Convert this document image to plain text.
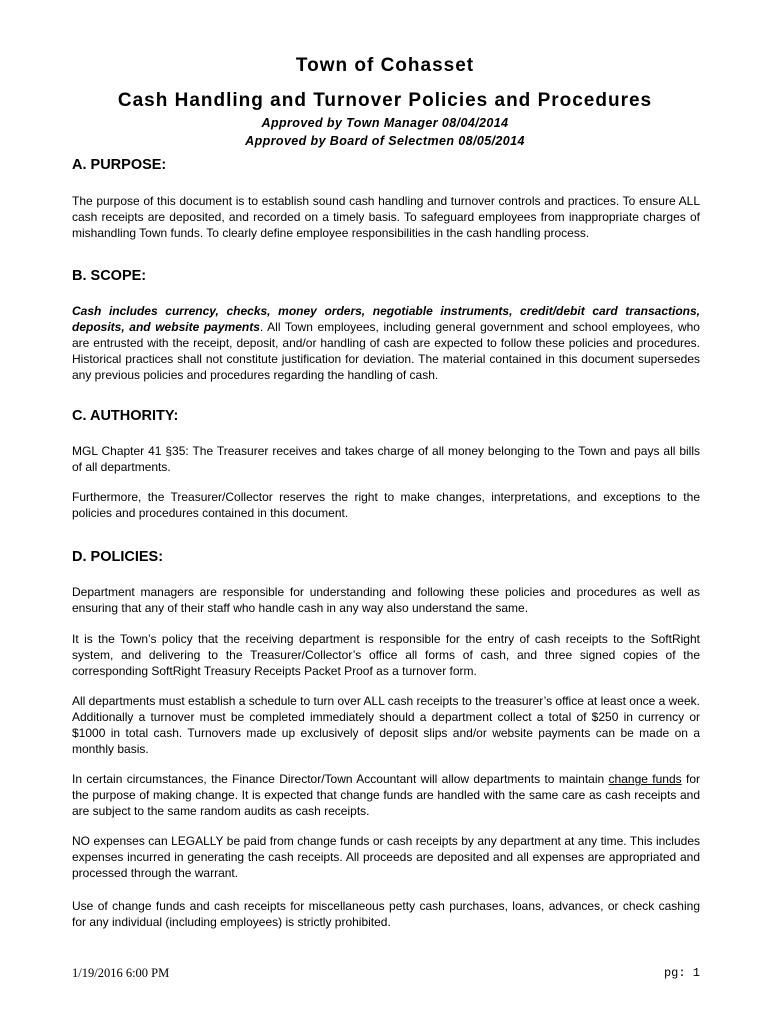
Town of Cohasset
Cash Handling and Turnover Policies and Procedures
Approved by Town Manager 08/04/2014
Approved by Board of Selectmen 08/05/2014
A. PURPOSE:
The purpose of this document is to establish sound cash handling and turnover controls and practices. To ensure ALL cash receipts are deposited, and recorded on a timely basis. To safeguard employees from inappropriate charges of mishandling Town funds. To clearly define employee responsibilities in the cash handling process.
B. SCOPE:
Cash includes currency, checks, money orders, negotiable instruments, credit/debit card transactions, deposits, and website payments. All Town employees, including general government and school employees, who are entrusted with the receipt, deposit, and/or handling of cash are expected to follow these policies and procedures. Historical practices shall not constitute justification for deviation. The material contained in this document supersedes any previous policies and procedures regarding the handling of cash.
C. AUTHORITY:
MGL Chapter 41 §35: The Treasurer receives and takes charge of all money belonging to the Town and pays all bills of all departments.
Furthermore, the Treasurer/Collector reserves the right to make changes, interpretations, and exceptions to the policies and procedures contained in this document.
D. POLICIES:
Department managers are responsible for understanding and following these policies and procedures as well as ensuring that any of their staff who handle cash in any way also understand the same.
It is the Town’s policy that the receiving department is responsible for the entry of cash receipts to the SoftRight system, and delivering to the Treasurer/Collector’s office all forms of cash, and three signed copies of the corresponding SoftRight Treasury Receipts Packet Proof as a turnover form.
All departments must establish a schedule to turn over ALL cash receipts to the treasurer’s office at least once a week. Additionally a turnover must be completed immediately should a department collect a total of $250 in currency or $1000 in total cash. Turnovers made up exclusively of deposit slips and/or website payments can be made on a monthly basis.
In certain circumstances, the Finance Director/Town Accountant will allow departments to maintain change funds for the purpose of making change. It is expected that change funds are handled with the same care as cash receipts and are subject to the same random audits as cash receipts.
NO expenses can LEGALLY be paid from change funds or cash receipts by any department at any time. This includes expenses incurred in generating the cash receipts. All proceeds are deposited and all expenses are appropriated and processed through the warrant.
Use of change funds and cash receipts for miscellaneous petty cash purchases, loans, advances, or check cashing for any individual (including employees) is strictly prohibited.
1/19/2016 6:00 PM	pg: 1
